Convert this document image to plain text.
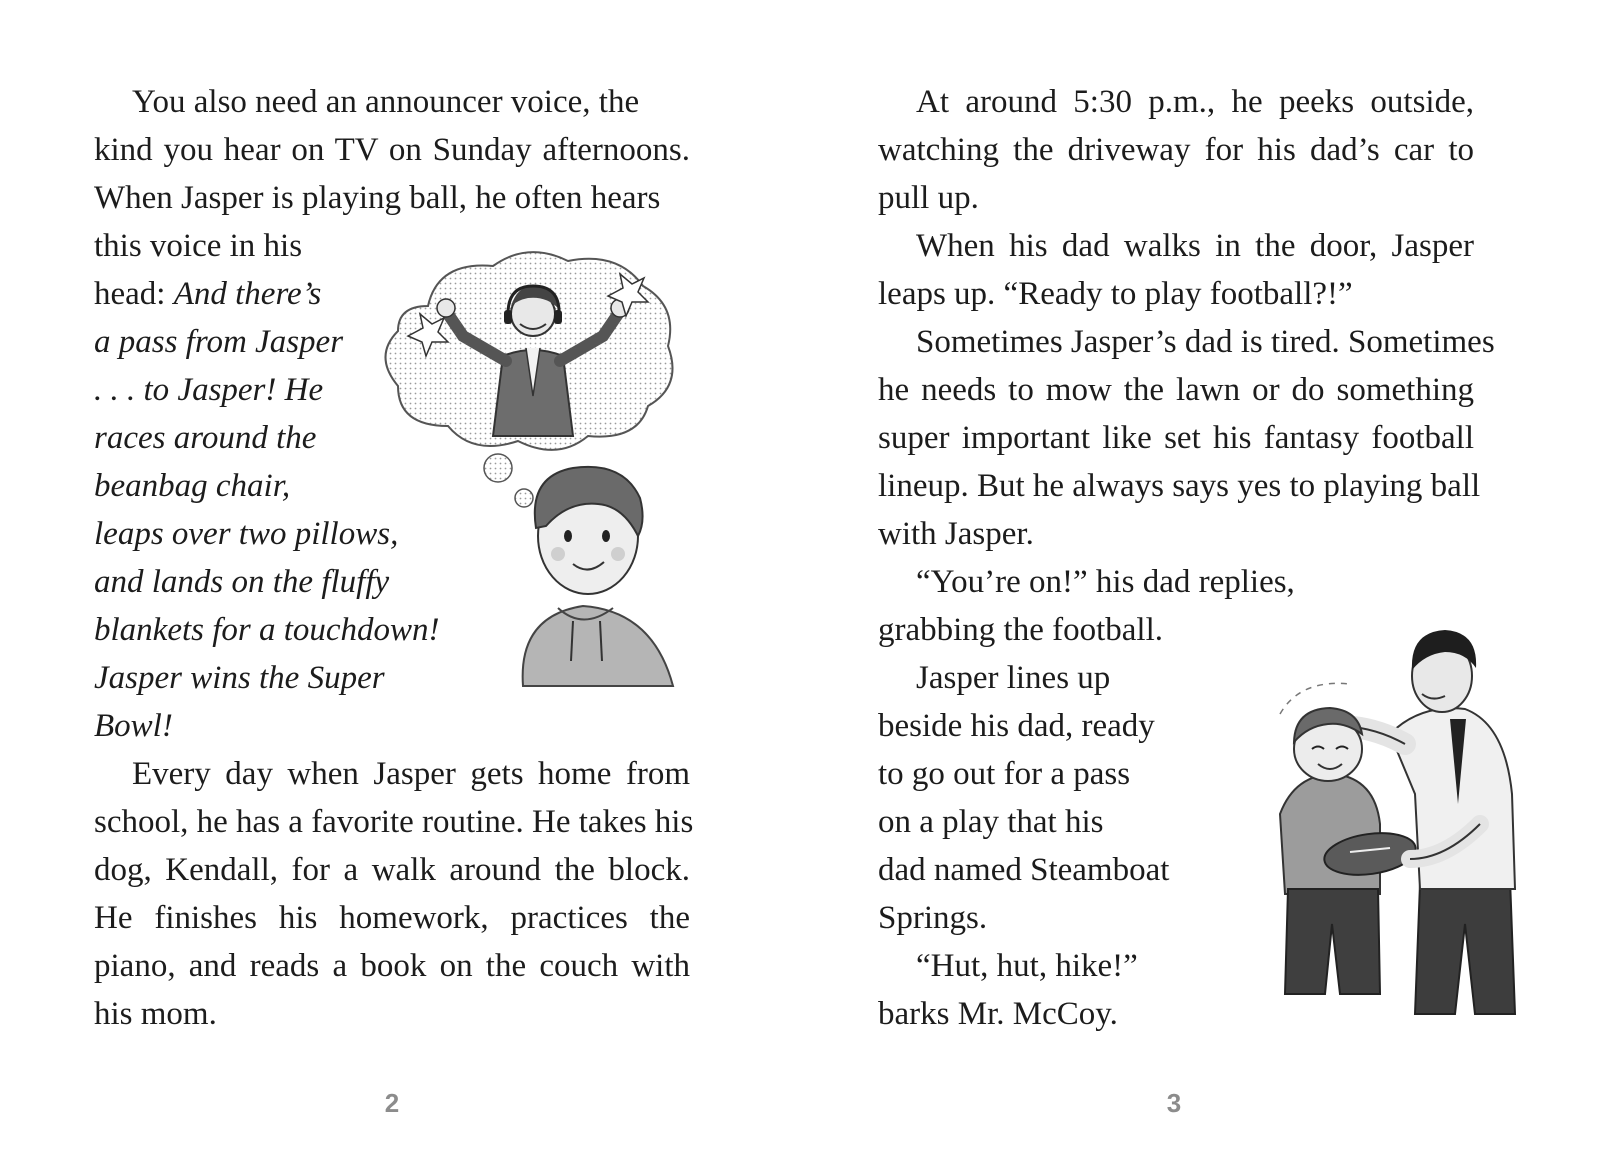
You also need an announcer voice, the
kind you hear on TV on Sunday afternoons.
When Jasper is playing ball, he often hears
this voice in his
head: And there’s
a pass from Jasper
. . . to Jasper! He
races around the
beanbag chair,
leaps over two pillows,
and lands on the fluffy
blankets for a touchdown!
Jasper wins the Super
Bowl!
Every day when Jasper gets home from
school, he has a favorite routine. He takes his
dog, Kendall, for a walk around the block.
He finishes his homework, practices the
piano, and reads a book on the couch with
his mom.
2
At around 5:30 p.m., he peeks outside,
watching the driveway for his dad’s car to
pull up.
When his dad walks in the door, Jasper
leaps up. “Ready to play football?!”
Sometimes Jasper’s dad is tired. Sometimes
he needs to mow the lawn or do something
super important like set his fantasy football
lineup. But he always says yes to playing ball
with Jasper.
“You’re on!” his dad replies,
grabbing the football.
Jasper lines up
beside his dad, ready
to go out for a pass
on a play that his
dad named Steamboat
Springs.
“Hut, hut, hike!”
barks Mr. McCoy.
3
